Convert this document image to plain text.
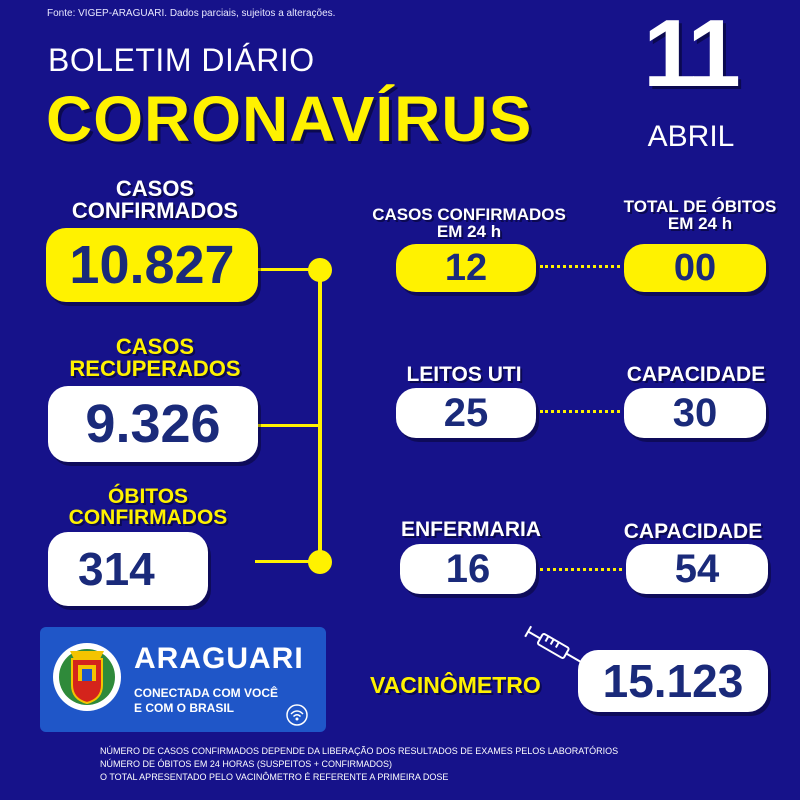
Fonte: VIGEP-ARAGUARI. Dados parciais, sujeitos a alterações.
BOLETIM DIÁRIO
CORONAVÍRUS
11
ABRIL
CASOS
CONFIRMADOS
10.827
CASOS
RECUPERADOS
9.326
ÓBITOS
CONFIRMADOS
314
CASOS CONFIRMADOS
EM 24 h
TOTAL DE ÓBITOS
EM 24 h
12	00
LEITOS UTI	CAPACIDADE
25	30
ENFERMARIA	CAPACIDADE
16	54
ARAGUARI
CONECTADA COM VOCÊ
E COM O BRASIL
VACINÔMETRO	15.123
NÚMERO DE CASOS CONFIRMADOS DEPENDE DA LIBERAÇÃO DOS RESULTADOS DE EXAMES PELOS LABORATÓRIOS
NÚMERO DE ÓBITOS EM 24 HORAS (SUSPEITOS + CONFIRMADOS)
O TOTAL APRESENTADO PELO VACINÔMETRO É REFERENTE A PRIMEIRA DOSE
